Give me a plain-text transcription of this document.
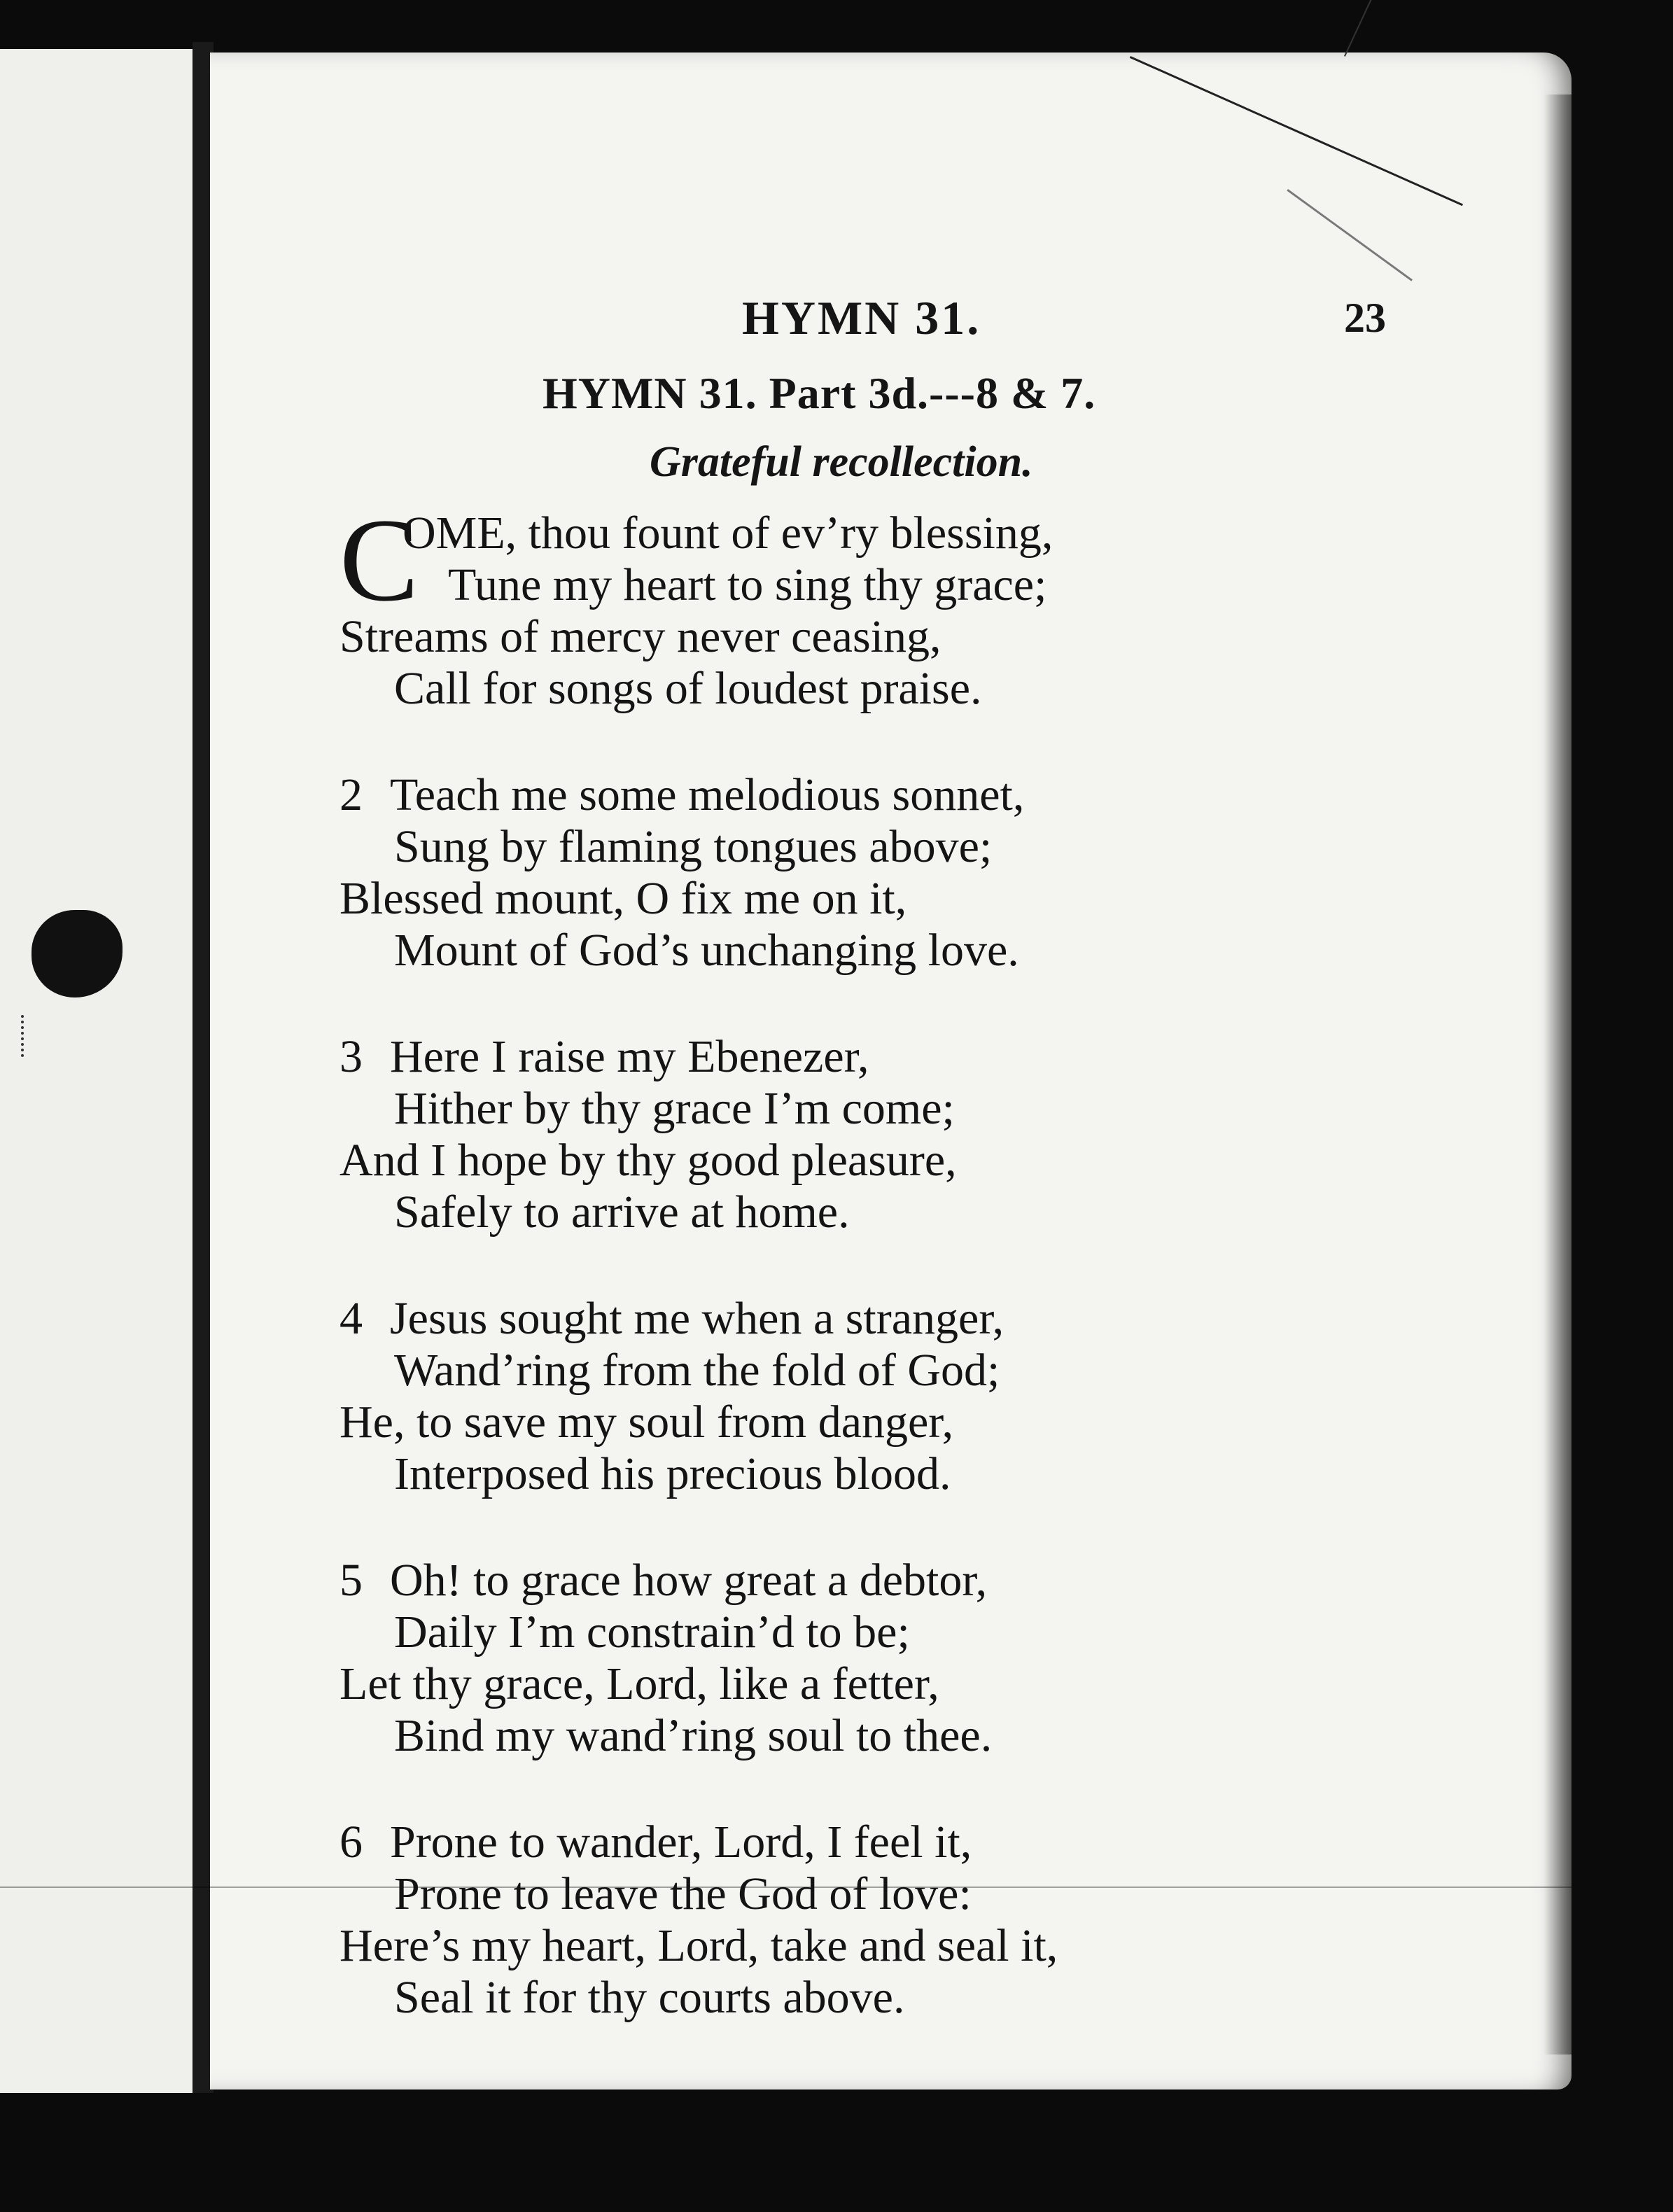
HYMN 31.	23
HYMN 31. Part 3d.---8 & 7.
Grateful recollection.
C
OME, thou fount of ev’ry blessing,
Tune my heart to sing thy grace;
Streams of mercy never ceasing,
Call for songs of loudest praise.
2 Teach me some melodious sonnet,
Sung by flaming tongues above;
Blessed mount, O fix me on it,
Mount of God’s unchanging love.
3 Here I raise my Ebenezer,
Hither by thy grace I’m come;
And I hope by thy good pleasure,
Safely to arrive at home.
4 Jesus sought me when a stranger,
Wand’ring from the fold of God;
He, to save my soul from danger,
Interposed his precious blood.
5 Oh! to grace how great a debtor,
Daily I’m constrain’d to be;
Let thy grace, Lord, like a fetter,
Bind my wand’ring soul to thee.
6 Prone to wander, Lord, I feel it,
Prone to leave the God of love:
Here’s my heart, Lord, take and seal it,
Seal it for thy courts above.
